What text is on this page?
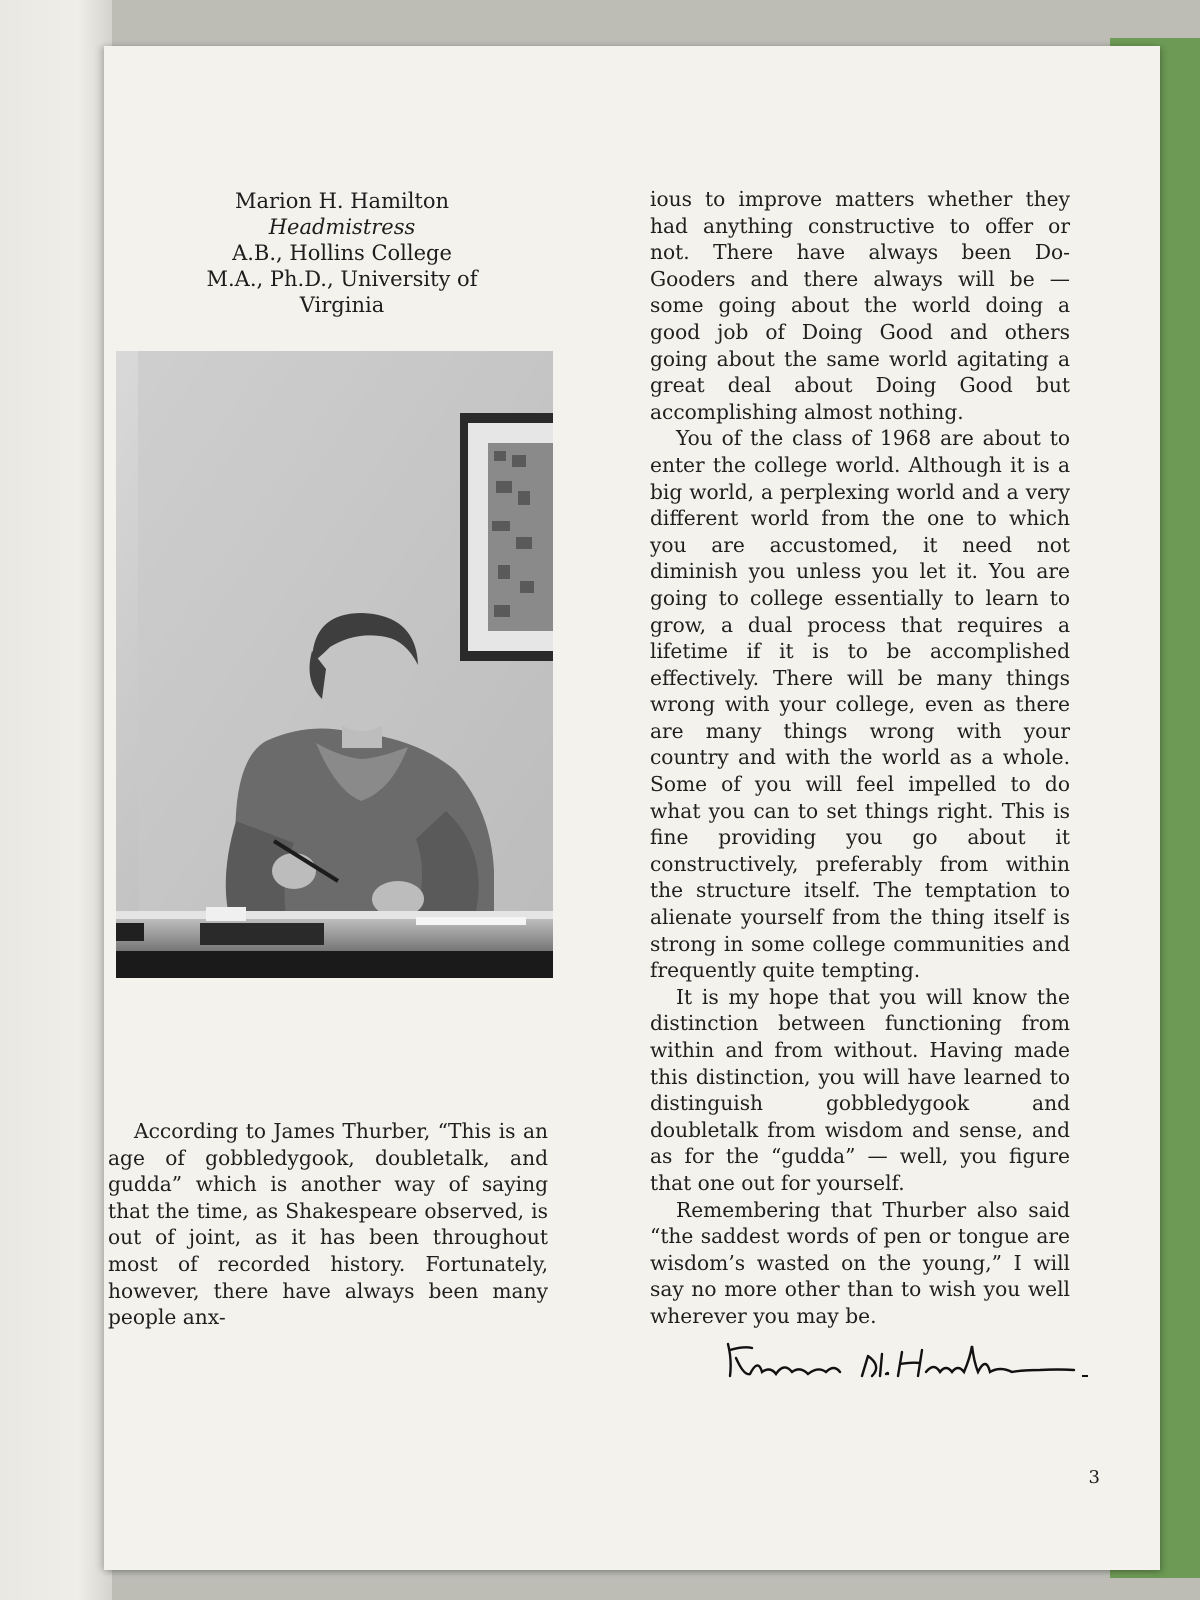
Marion H. Hamilton
Headmistress
A.B., Hollins College
M.A., Ph.D., University of Virginia

According to James Thurber, “This is an age of gobbledygook, doubletalk, and gudda” which is another way of saying that the time, as Shakespeare observed, is out of joint, as it has been throughout most of recorded history. Fortunately, however, there have always been many people anx-

ious to improve matters whether they had anything constructive to offer or not. There have always been Do-Gooders and there always will be — some going about the world doing a good job of Doing Good and others going about the same world agitating a great deal about Doing Good but accomplishing almost nothing.

You of the class of 1968 are about to enter the college world. Although it is a big world, a perplexing world and a very different world from the one to which you are accustomed, it need not diminish you unless you let it. You are going to college essentially to learn to grow, a dual process that requires a lifetime if it is to be accomplished effectively. There will be many things wrong with your college, even as there are many things wrong with your country and with the world as a whole. Some of you will feel impelled to do what you can to set things right. This is fine providing you go about it constructively, preferably from within the structure itself. The temptation to alienate yourself from the thing itself is strong in some college communities and frequently quite tempting.

It is my hope that you will know the distinction between functioning from within and from without. Having made this distinction, you will have learned to distinguish gobbledygook and doubletalk from wisdom and sense, and as for the “gudda” — well, you figure that one out for yourself.

Remembering that Thurber also said “the saddest words of pen or tongue are wisdom’s wasted on the young,” I will say no more other than to wish you well wherever you may be.

3
